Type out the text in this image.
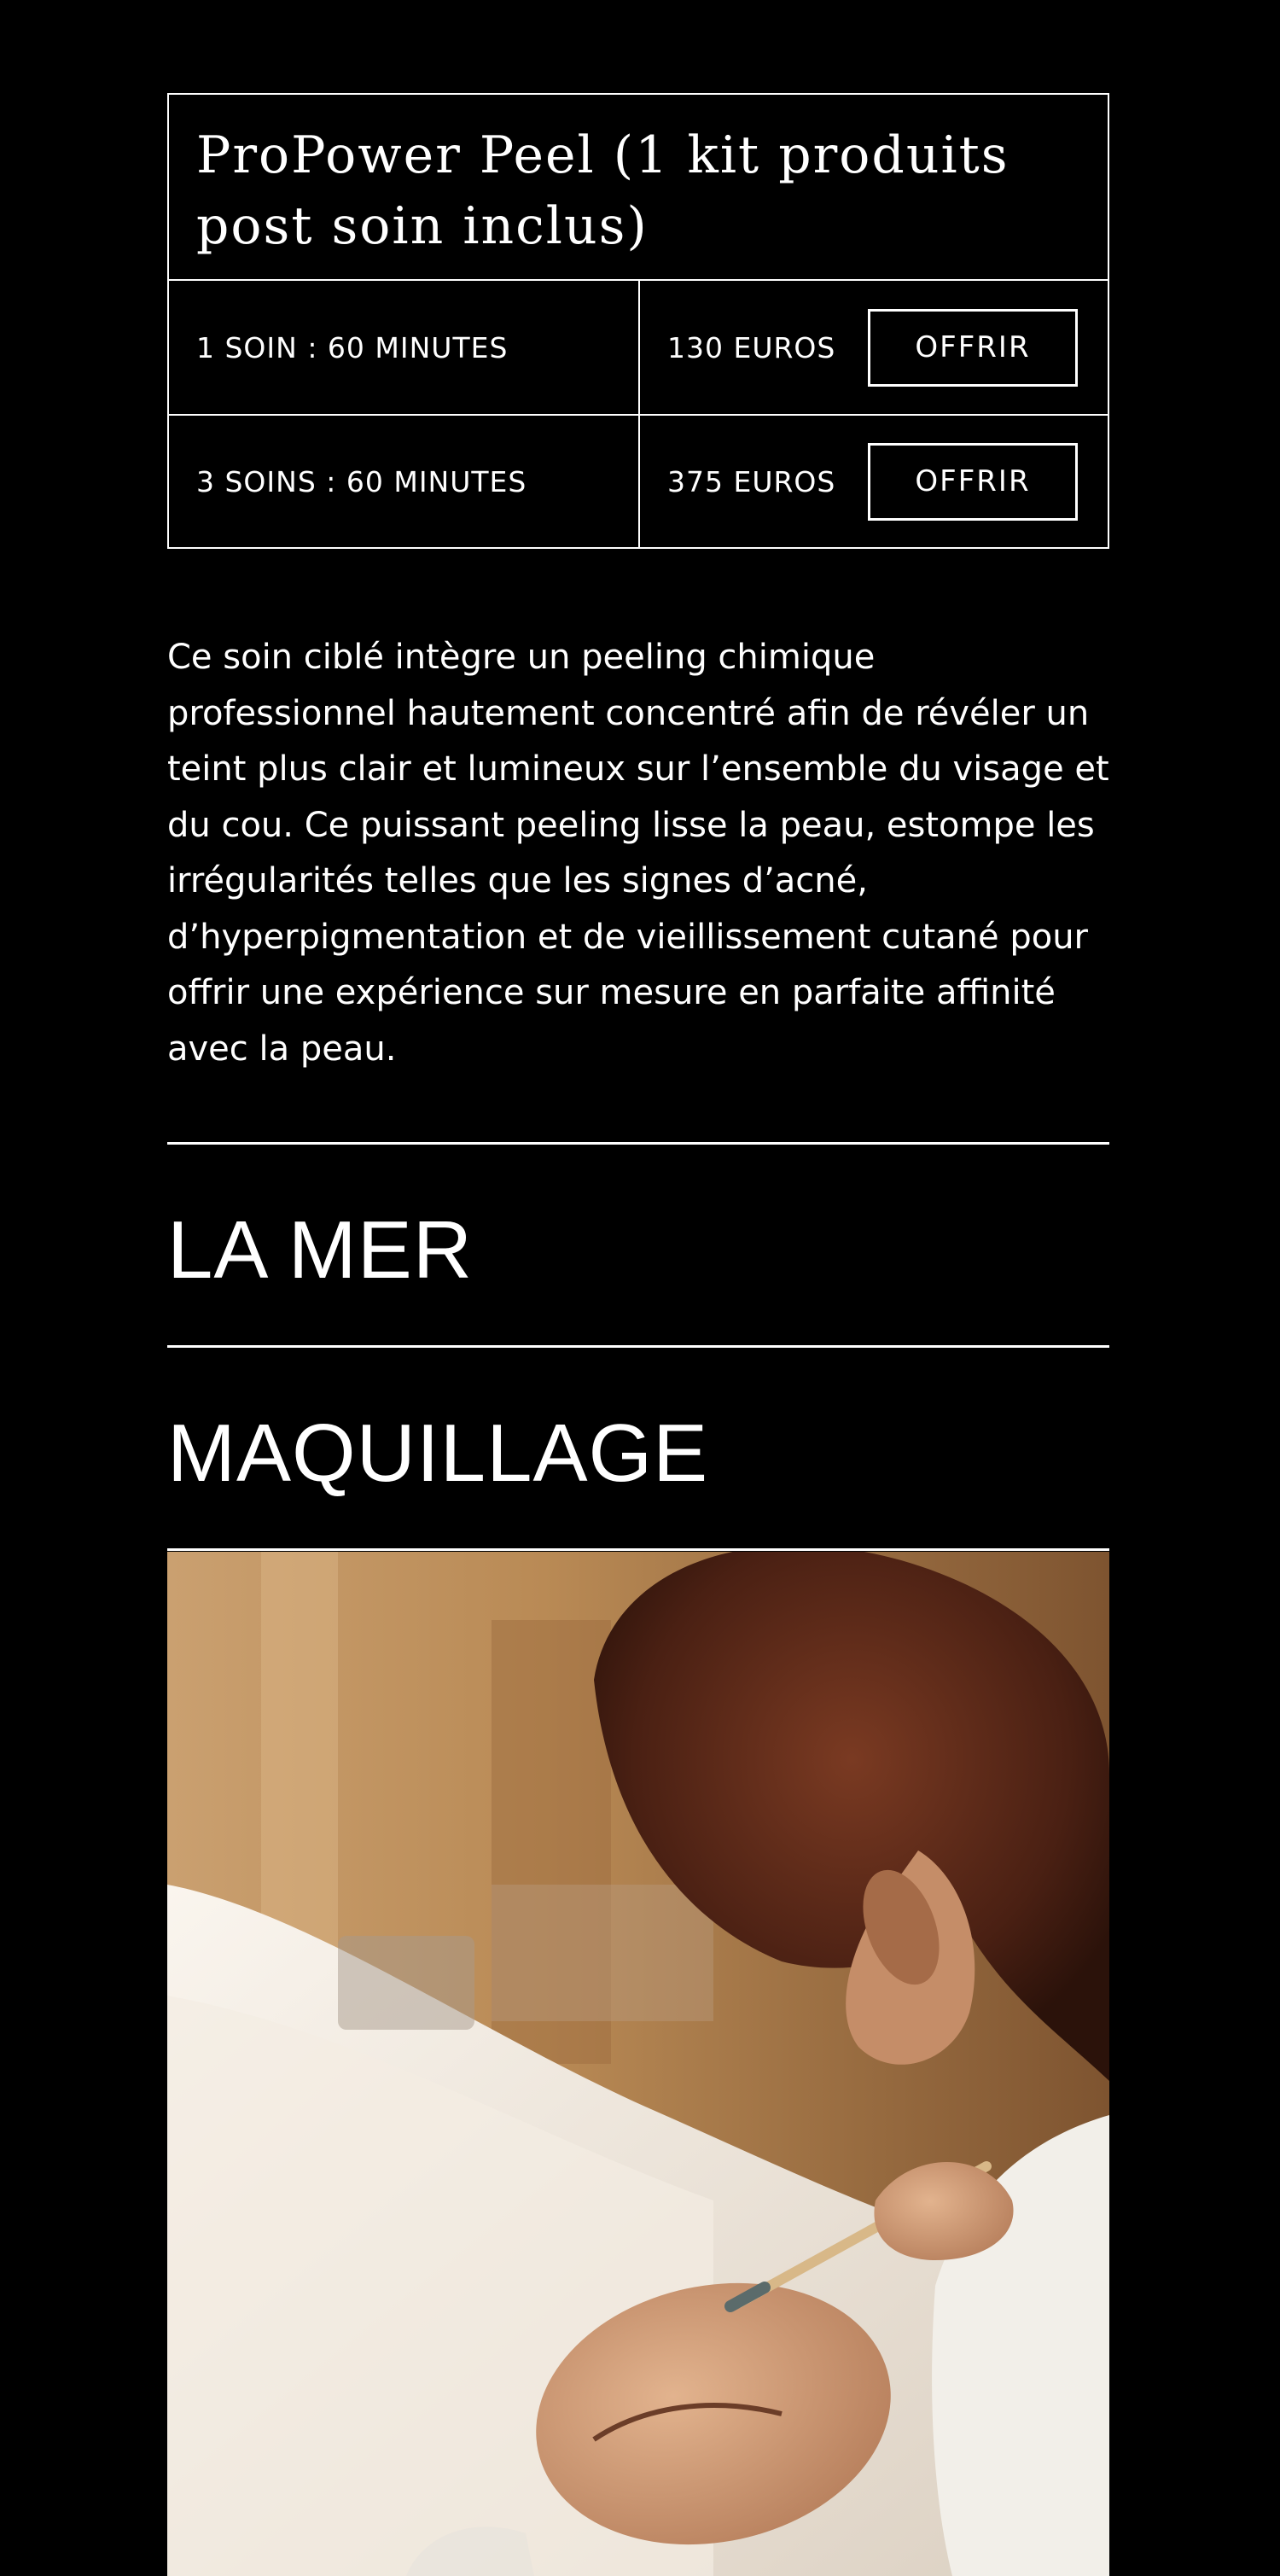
ProPower Peel (1 kit produits post soin inclus)
1 SOIN : 60 MINUTES	130 EUROS	OFFRIR
3 SOINS : 60 MINUTES	375 EUROS	OFFRIR

Ce soin ciblé intègre un peeling chimique professionnel hautement concentré afin de révéler un teint plus clair et lumineux sur l’ensemble du visage et du cou. Ce puissant peeling lisse la peau, estompe les irrégularités telles que les signes d’acné, d’hyperpigmentation et de vieillissement cutané pour offrir une expérience sur mesure en parfaite affinité avec la peau.

LA MER
MAQUILLAGE
